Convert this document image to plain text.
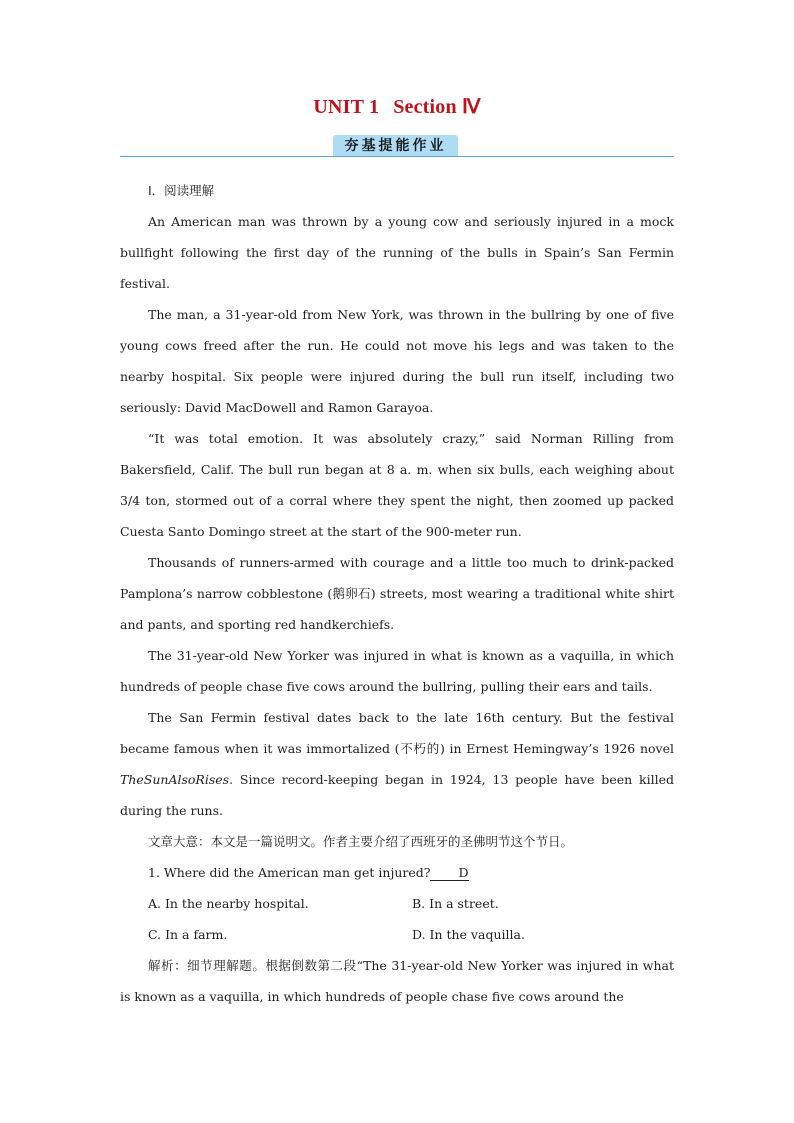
UNIT 1 Section Ⅳ
夯基提能作业
Ⅰ．阅读理解

An American man was thrown by a young cow and seriously injured in a mock bullfight following the first day of the running of the bulls in Spain’s San Fermin festival.

The man, a 31-year-old from New York, was thrown in the bullring by one of five young cows freed after the run. He could not move his legs and was taken to the nearby hospital. Six people were injured during the bull run itself, including two seriously: David MacDowell and Ramon Garayoa.

“It was total emotion. It was absolutely crazy,” said Norman Rilling from Bakersfield, Calif. The bull run began at 8 a. m. when six bulls, each weighing about 3/4 ton, stormed out of a corral where they spent the night, then zoomed up packed Cuesta Santo Domingo street at the start of the 900-meter run.

Thousands of runners-armed with courage and a little too much to drink-packed Pamplona’s narrow cobblestone (鹅卵石) streets, most wearing a traditional white shirt and pants, and sporting red handkerchiefs.

The 31-year-old New Yorker was injured in what is known as a vaquilla, in which hundreds of people chase five cows around the bullring, pulling their ears and tails.

The San Fermin festival dates back to the late 16th century. But the festival became famous when it was immortalized (不朽的) in Ernest Hemingway’s 1926 novel TheSunAlsoRises. Since record-keeping began in 1924, 13 people have been killed during the runs.

文章大意：本文是一篇说明文。作者主要介绍了西班牙的圣佛明节这个节日。

1. Where did the American man get injured? D

A. In the nearby hospital.	B. In a street.
C. In a farm.	D. In the vaquilla.

解析：细节理解题。根据倒数第二段“The 31-year-old New Yorker was injured in what is known as a vaquilla, in which hundreds of people chase five cows around the
